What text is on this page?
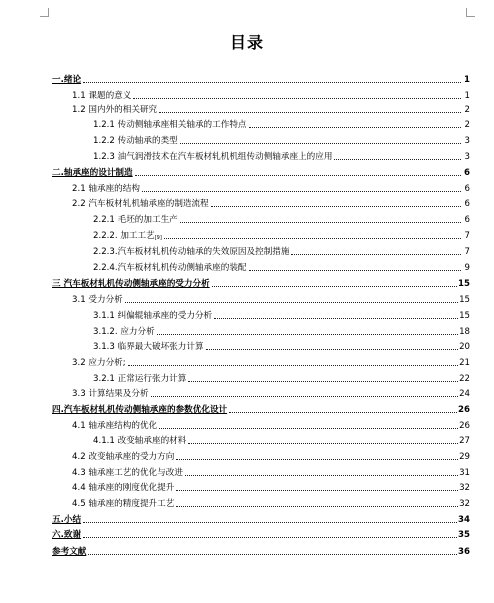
目录
一.绪论	1
1.1 课题的意义	1
1.2 国内外的相关研究	2
1.2.1 传动侧轴承座相关轴承的工作特点	2
1.2.2 传动轴承的类型	3
1.2.3 油气润滑技术在汽车板材轧机机组传动侧轴承座上的应用	3
二.轴承座的设计制造	6
2.1 轴承座的结构	6
2.2 汽车板材轧机轴承座的制造流程	6
2.2.1 毛坯的加工生产	6
2.2.2. 加工工艺$_{[9]}$	7
2.2.3.汽车板材轧机传动轴承的失效原因及控制措施	7
2.2.4.汽车板材轧机传动侧轴承座的装配	9
三 汽车板材轧机传动侧轴承座的受力分析	15
3.1 受力分析	15
3.1.1 纠偏辊轴承座的受力分析	15
3.1.2. 应力分析	18
3.1.3 临界最大破坏张力计算	20
3.2 应力分析;	21
3.2.1 正常运行张力计算	22
3.3 计算结果及分析	24
四.汽车板材轧机传动侧轴承座的参数优化设计	26
4.1 轴承座结构的优化	26
4.1.1 改变轴承座的材料	27
4.2 改变轴承座的受力方向	29
4.3 轴承座工艺的优化与改进	31
4.4 轴承座的刚度优化提升	32
4.5 轴承座的精度提升工艺	32
五.小结	34
六.致谢	35
参考文献	36
